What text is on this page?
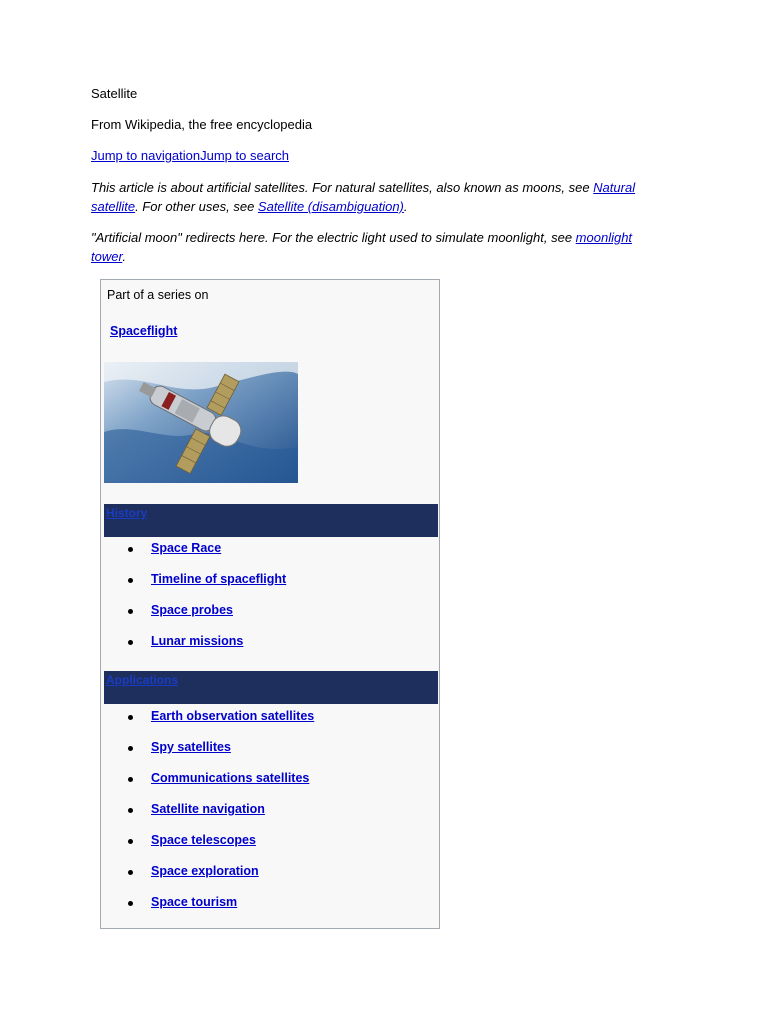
Satellite
From Wikipedia, the free encyclopedia
Jump to navigationJump to search
This article is about artificial satellites. For natural satellites, also known as moons, see Natural satellite. For other uses, see Satellite (disambiguation).
"Artificial moon" redirects here. For the electric light used to simulate moonlight, see moonlight tower.
Part of a series on
Spaceflight
History
Space Race
Timeline of spaceflight
Space probes
Lunar missions
Applications
Earth observation satellites
Spy satellites
Communications satellites
Satellite navigation
Space telescopes
Space exploration
Space tourism
